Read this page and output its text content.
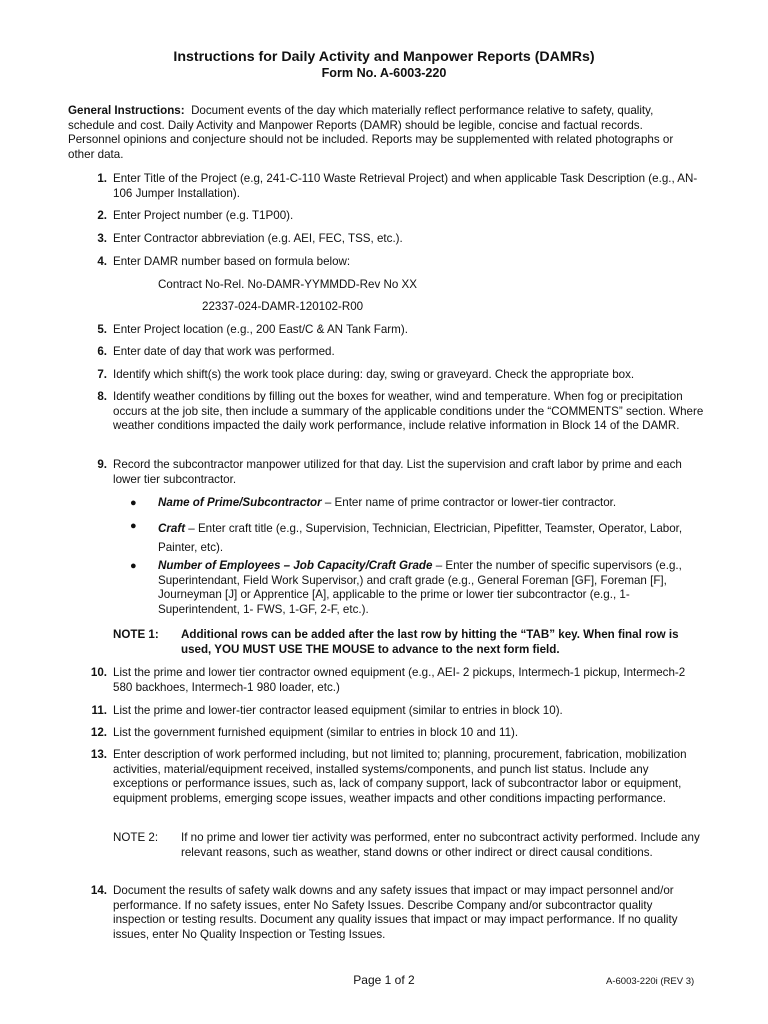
Instructions for Daily Activity and Manpower Reports (DAMRs)
Form No. A-6003-220
General Instructions: Document events of the day which materially reflect performance relative to safety, quality, schedule and cost. Daily Activity and Manpower Reports (DAMR) should be legible, concise and factual records. Personnel opinions and conjecture should not be included. Reports may be supplemented with related photographs or other data.
1. Enter Title of the Project (e.g, 241-C-110 Waste Retrieval Project) and when applicable Task Description (e.g., AN-106 Jumper Installation).
2. Enter Project number (e.g. T1P00).
3. Enter Contractor abbreviation (e.g. AEI, FEC, TSS, etc.).
4. Enter DAMR number based on formula below:
Contract No-Rel. No-DAMR-YYMMDD-Rev No XX
22337-024-DAMR-120102-R00
5. Enter Project location (e.g., 200 East/C & AN Tank Farm).
6. Enter date of day that work was performed.
7. Identify which shift(s) the work took place during: day, swing or graveyard. Check the appropriate box.
8. Identify weather conditions by filling out the boxes for weather, wind and temperature. When fog or precipitation occurs at the job site, then include a summary of the applicable conditions under the “COMMENTS” section. Where weather conditions impacted the daily work performance, include relative information in Block 14 of the DAMR.
9. Record the subcontractor manpower utilized for that day. List the supervision and craft labor by prime and each lower tier subcontractor.
● Name of Prime/Subcontractor – Enter name of prime contractor or lower-tier contractor.
● Craft – Enter craft title (e.g., Supervision, Technician, Electrician, Pipefitter, Teamster, Operator, Labor, Painter, etc).
● Number of Employees – Job Capacity/Craft Grade – Enter the number of specific supervisors (e.g., Superintendant, Field Work Supervisor,) and craft grade (e.g., General Foreman [GF], Foreman [F], Journeyman [J] or Apprentice [A], applicable to the prime or lower tier subcontractor (e.g., 1-Superintendent, 1- FWS, 1-GF, 2-F, etc.).
NOTE 1: Additional rows can be added after the last row by hitting the “TAB” key. When final row is used, YOU MUST USE THE MOUSE to advance to the next form field.
10. List the prime and lower tier contractor owned equipment (e.g., AEI- 2 pickups, Intermech-1 pickup, Intermech-2 580 backhoes, Intermech-1 980 loader, etc.)
11. List the prime and lower-tier contractor leased equipment (similar to entries in block 10).
12. List the government furnished equipment (similar to entries in block 10 and 11).
13. Enter description of work performed including, but not limited to; planning, procurement, fabrication, mobilization activities, material/equipment received, installed systems/components, and punch list status. Include any exceptions or performance issues, such as, lack of company support, lack of subcontractor labor or equipment, equipment problems, emerging scope issues, weather impacts and other conditions impacting performance.
NOTE 2: If no prime and lower tier activity was performed, enter no subcontract activity performed. Include any relevant reasons, such as weather, stand downs or other indirect or direct causal conditions.
14. Document the results of safety walk downs and any safety issues that impact or may impact personnel and/or performance. If no safety issues, enter No Safety Issues. Describe Company and/or subcontractor quality inspection or testing results. Document any quality issues that impact or may impact performance. If no quality issues, enter No Quality Inspection or Testing Issues.
Page 1 of 2	A-6003-220i (REV 3)
